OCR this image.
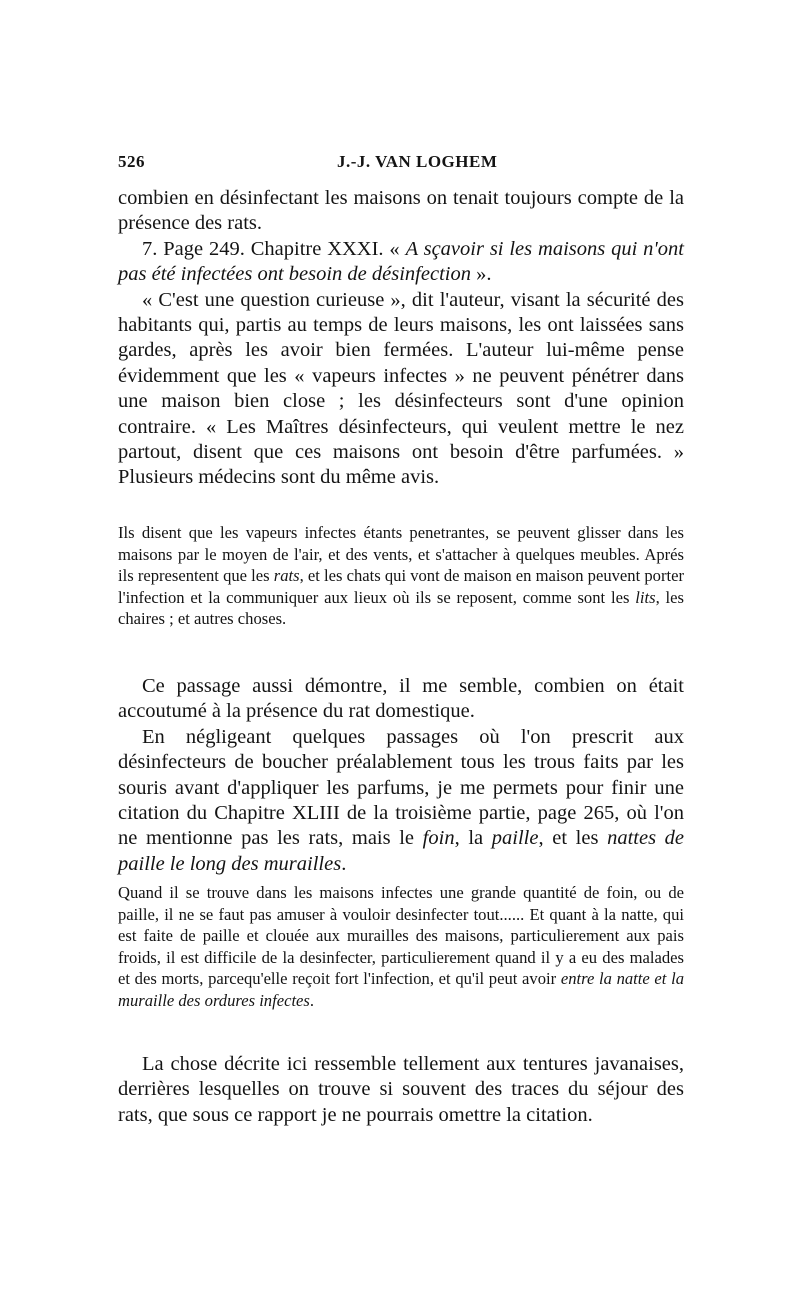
526	J.-J. VAN LOGHEM

combien en désinfectant les maisons on tenait toujours compte de la présence des rats.

7. Page 249. Chapitre XXXI. « A sçavoir si les maisons qui n'ont pas été infectées ont besoin de désinfection ».

« C'est une question curieuse », dit l'auteur, visant la sécurité des habitants qui, partis au temps de leurs maisons, les ont laissées sans gardes, après les avoir bien fermées. L'auteur lui-même pense évidemment que les « vapeurs infectes » ne peuvent pénétrer dans une maison bien close ; les désinfecteurs sont d'une opinion contraire. « Les Maîtres désinfecteurs, qui veulent mettre le nez partout, disent que ces maisons ont besoin d'être parfumées. » Plusieurs médecins sont du même avis.

Ils disent que les vapeurs infectes étants penetrantes, se peuvent glisser dans les maisons par le moyen de l'air, et des vents, et s'attacher à quelques meubles. Aprés ils representent que les rats, et les chats qui vont de maison en maison peuvent porter l'infection et la communiquer aux lieux où ils se reposent, comme sont les lits, les chaires ; et autres choses.

Ce passage aussi démontre, il me semble, combien on était accoutumé à la présence du rat domestique.

En négligeant quelques passages où l'on prescrit aux désinfecteurs de boucher préalablement tous les trous faits par les souris avant d'appliquer les parfums, je me permets pour finir une citation du Chapitre XLIII de la troisième partie, page 265, où l'on ne mentionne pas les rats, mais le foin, la paille, et les nattes de paille le long des murailles.

Quand il se trouve dans les maisons infectes une grande quantité de foin, ou de paille, il ne se faut pas amuser à vouloir desinfecter tout...... Et quant à la natte, qui est faite de paille et clouée aux murailles des maisons, particulierement aux pais froids, il est difficile de la desinfecter, particulierement quand il y a eu des malades et des morts, parcequ'elle reçoit fort l'infection, et qu'il peut avoir entre la natte et la muraille des ordures infectes.

La chose décrite ici ressemble tellement aux tentures javanaises, derrières lesquelles on trouve si souvent des traces du séjour des rats, que sous ce rapport je ne pourrais omettre la citation.
